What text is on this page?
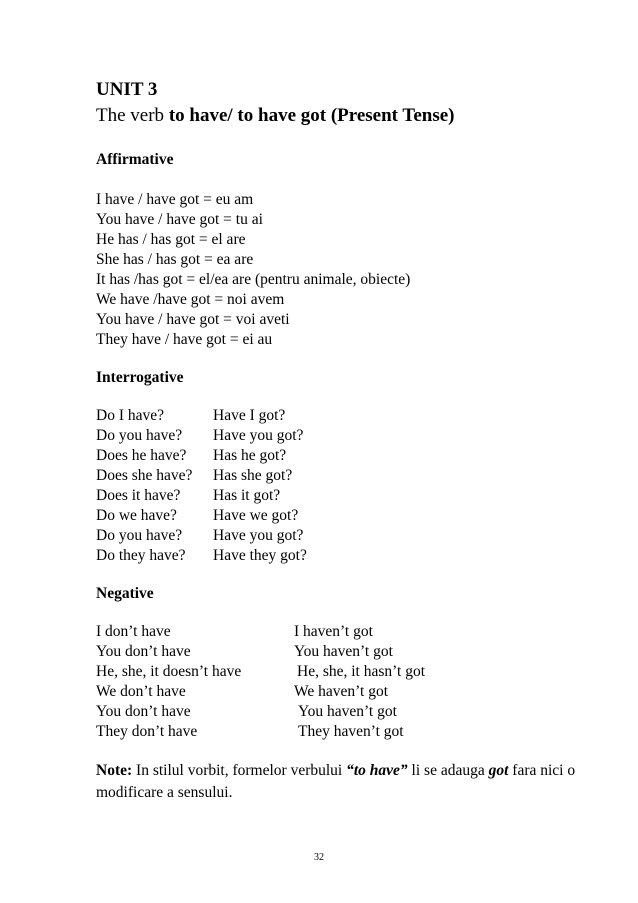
UNIT 3
The verb to have/ to have got (Present Tense)
Affirmative
I have / have got = eu am
You have / have got = tu ai
He has / has got = el are
She has / has got = ea are
It has /has got = el/ea are (pentru animale, obiecte)
We have /have got = noi avem
You have / have got = voi aveti
They have / have got = ei au
Interrogative
Do I have?	Have I got?
Do you have? Have you got?
Does he have? Has he got?
Does she have? Has she got?
Does it have? Has it got?
Do we have? Have we got?
Do you have? Have you got?
Do they have? Have they got?
Negative
I don’t have	I haven’t got
You don’t have	You haven’t got
He, she, it doesn’t have	He, she, it hasn’t got
We don’t have	We haven’t got
You don’t have	You haven’t got
They don’t have	They haven’t got
Note: In stilul vorbit, formelor verbului “to have” li se adauga got fara nici o modificare a sensului.
32
